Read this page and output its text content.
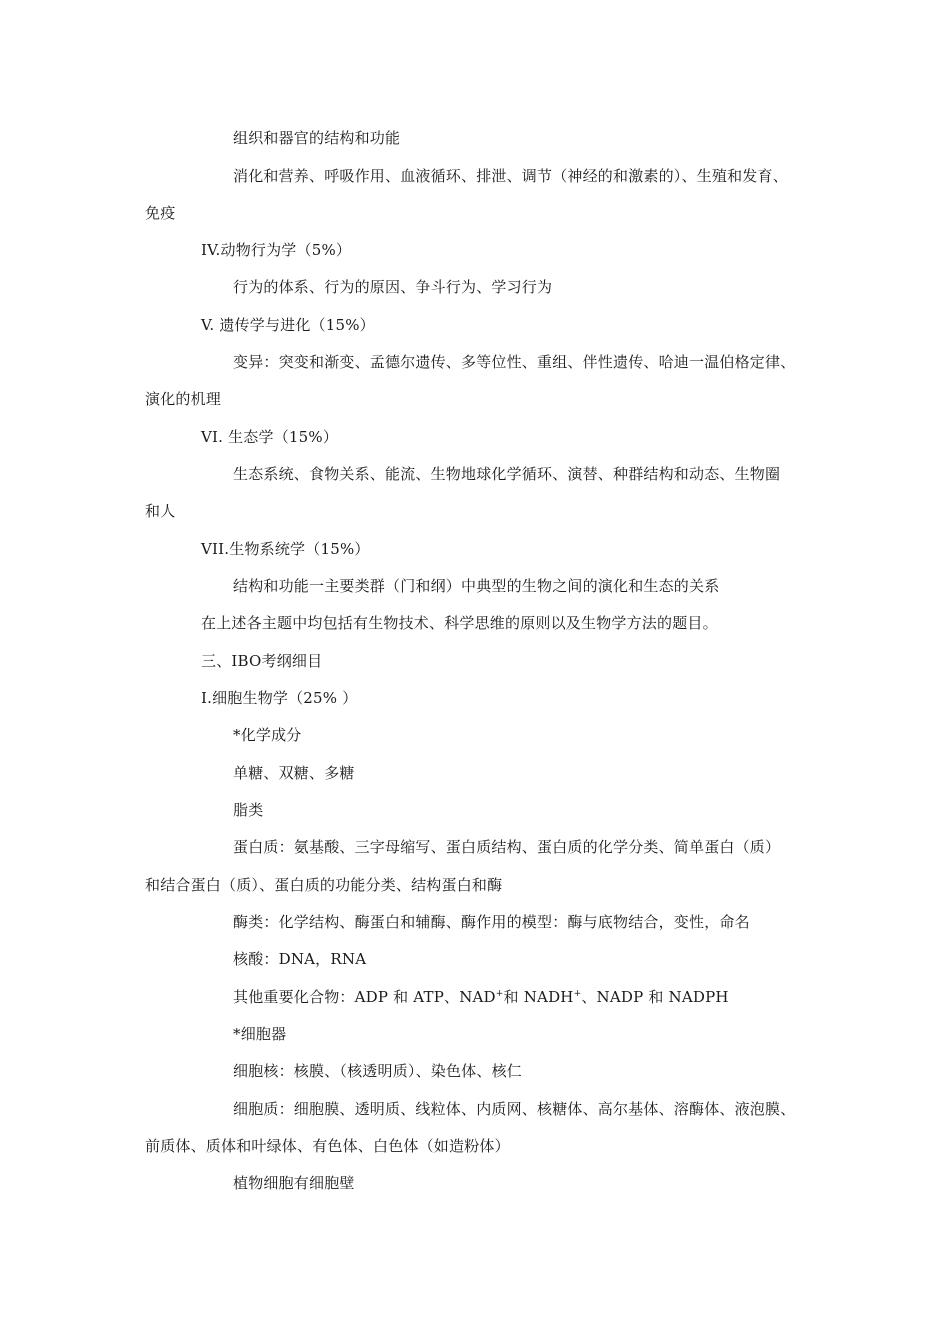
组织和器官的结构和功能
消化和营养、呼吸作用、血液循环、排泄、调节（神经的和激素的）、生殖和发育、
免疫
IV.动物行为学（5%）
行为的体系、行为的原因、争斗行为、学习行为
V. 遗传学与进化（15%）
变异：突变和渐变、孟德尔遗传、多等位性、重组、伴性遗传、哈迪一温伯格定律、
演化的机理
VI. 生态学（15%）
生态系统、食物关系、能流、生物地球化学循环、演替、种群结构和动态、生物圈
和人
VII.生物系统学（15%）
结构和功能一主要类群（门和纲）中典型的生物之间的演化和生态的关系
在上述各主题中均包括有生物技术、科学思维的原则以及生物学方法的题目。
三、IBO考纲细目
I.细胞生物学（25% ）
*化学成分
单糖、双糖、多糖
脂类
蛋白质：氨基酸、三字母缩写、蛋白质结构、蛋白质的化学分类、简单蛋白（质）
和结合蛋白（质）、蛋白质的功能分类、结构蛋白和酶
酶类：化学结构、酶蛋白和辅酶、酶作用的模型：酶与底物结合，变性，命名
核酸：DNA，RNA
其他重要化合物：ADP 和 ATP、NAD+和 NADH+、NADP 和 NADPH
*细胞器
细胞核：核膜、（核透明质）、染色体、核仁
细胞质：细胞膜、透明质、线粒体、内质网、核糖体、高尔基体、溶酶体、液泡膜、
前质体、质体和叶绿体、有色体、白色体（如造粉体）
植物细胞有细胞壁
